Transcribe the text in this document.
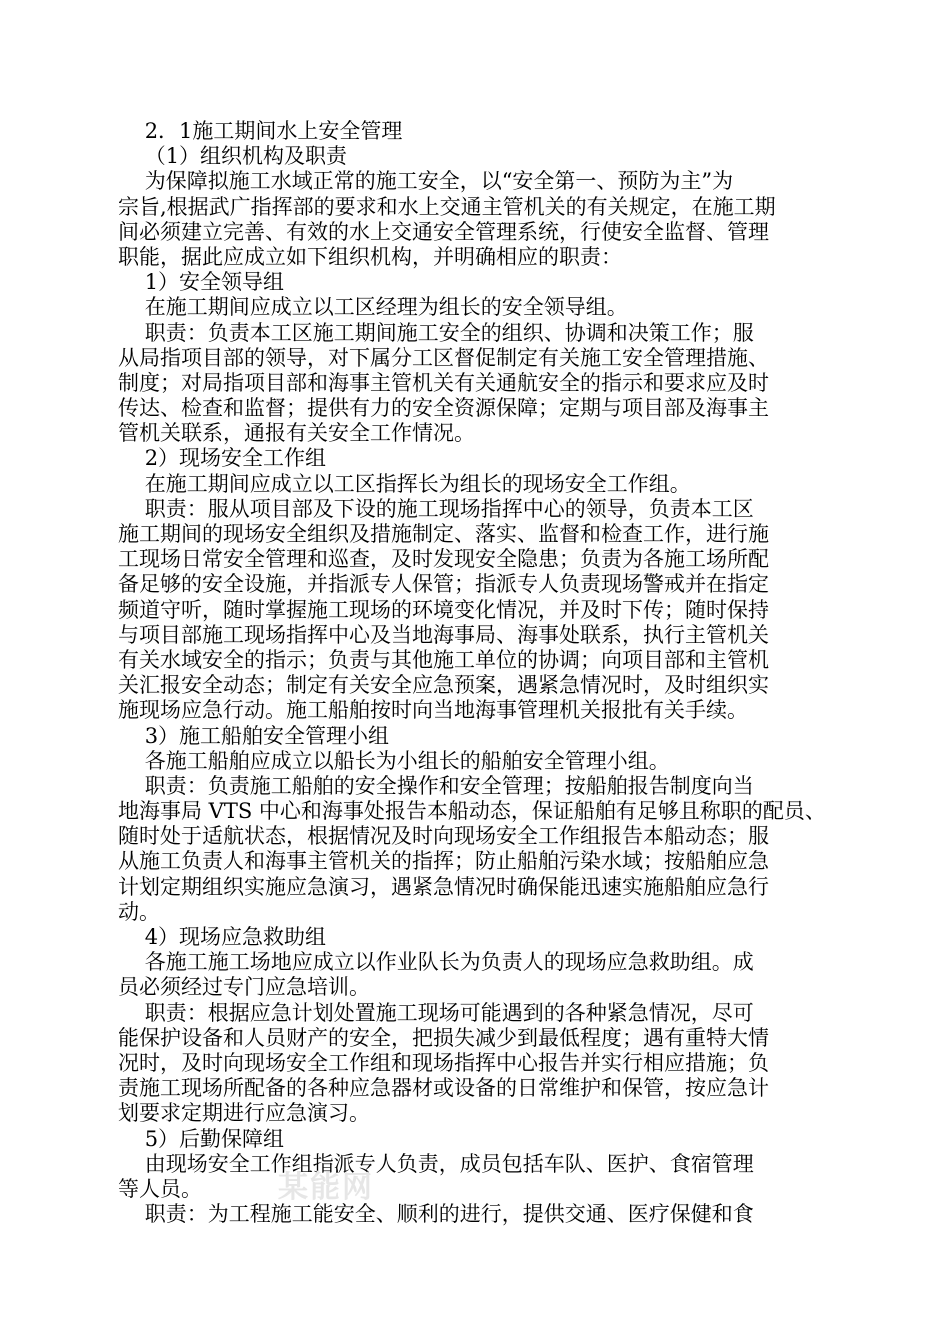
2．1施工期间水上安全管理
（1）组织机构及职责
为保障拟施工水域正常的施工安全，以“安全第一、预防为主”为
宗旨,根据武广指挥部的要求和水上交通主管机关的有关规定，在施工期
间必须建立完善、有效的水上交通安全管理系统，行使安全监督、管理
职能，据此应成立如下组织机构，并明确相应的职责：
1）安全领导组
在施工期间应成立以工区经理为组长的安全领导组。
职责：负责本工区施工期间施工安全的组织、协调和决策工作；服
从局指项目部的领导，对下属分工区督促制定有关施工安全管理措施、
制度；对局指项目部和海事主管机关有关通航安全的指示和要求应及时
传达、检查和监督；提供有力的安全资源保障；定期与项目部及海事主
管机关联系，通报有关安全工作情况。
2）现场安全工作组
在施工期间应成立以工区指挥长为组长的现场安全工作组。
职责：服从项目部及下设的施工现场指挥中心的领导，负责本工区
施工期间的现场安全组织及措施制定、落实、监督和检查工作，进行施
工现场日常安全管理和巡查，及时发现安全隐患；负责为各施工场所配
备足够的安全设施，并指派专人保管；指派专人负责现场警戒并在指定
频道守听，随时掌握施工现场的环境变化情况，并及时下传；随时保持
与项目部施工现场指挥中心及当地海事局、海事处联系，执行主管机关
有关水域安全的指示；负责与其他施工单位的协调；向项目部和主管机
关汇报安全动态；制定有关安全应急预案，遇紧急情况时，及时组织实
施现场应急行动。施工船舶按时向当地海事管理机关报批有关手续。
3）施工船舶安全管理小组
各施工船舶应成立以船长为小组长的船舶安全管理小组。
职责：负责施工船舶的安全操作和安全管理；按船舶报告制度向当
地海事局 VTS 中心和海事处报告本船动态，保证船舶有足够且称职的配员、
随时处于适航状态，根据情况及时向现场安全工作组报告本船动态；服
从施工负责人和海事主管机关的指挥；防止船舶污染水域；按船舶应急
计划定期组织实施应急演习，遇紧急情况时确保能迅速实施船舶应急行
动。
4）现场应急救助组
各施工施工场地应成立以作业队长为负责人的现场应急救助组。成
员必须经过专门应急培训。
职责：根据应急计划处置施工现场可能遇到的各种紧急情况，尽可
能保护设备和人员财产的安全，把损失减少到最低程度；遇有重特大情
况时，及时向现场安全工作组和现场指挥中心报告并实行相应措施；负
责施工现场所配备的各种应急器材或设备的日常维护和保管，按应急计
划要求定期进行应急演习。
5）后勤保障组
由现场安全工作组指派专人负责，成员包括车队、医护、食宿管理
等人员。
职责：为工程施工能安全、顺利的进行，提供交通、医疗保健和食
某能网
